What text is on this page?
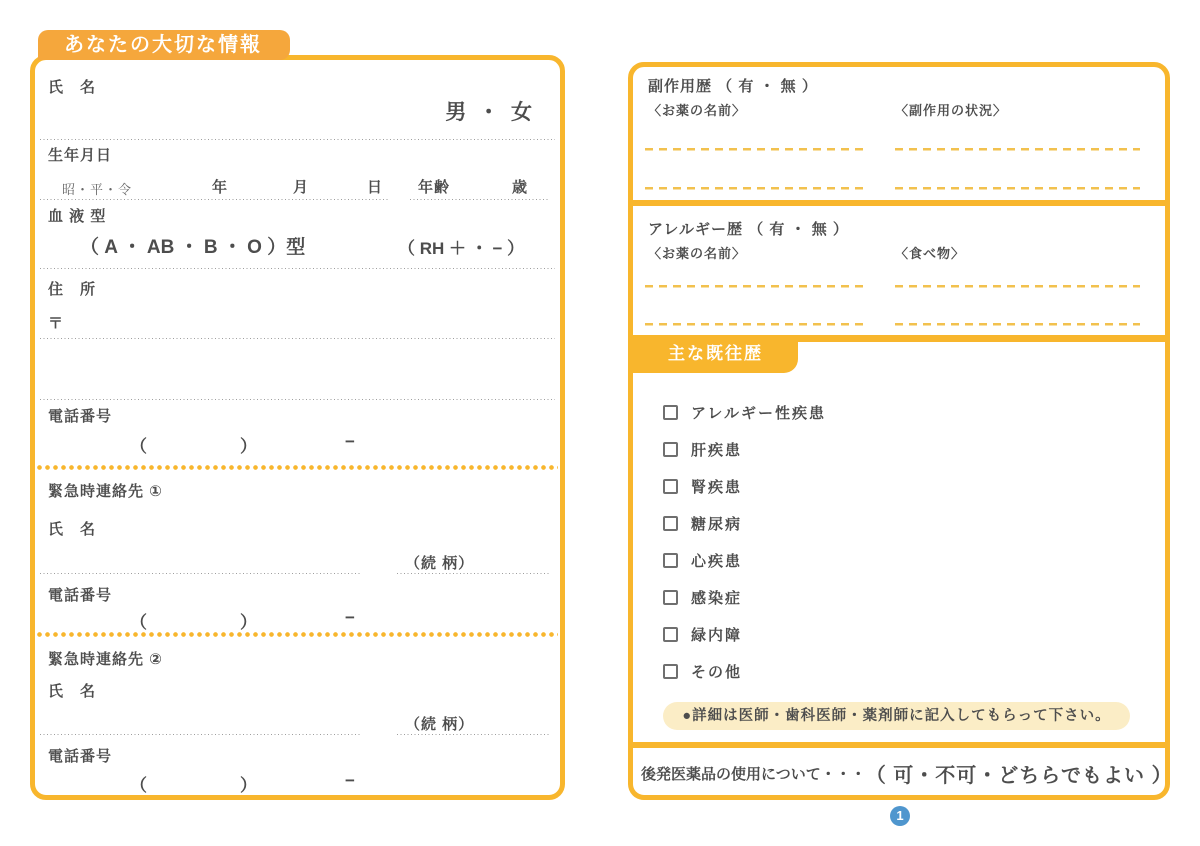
あなたの大切な情報
氏　名
男 ・ 女
生年月日
昭・平・令	年	月	日 年齢	歳
血 液 型
（ A ・ AB ・ B ・ O ）型	（ RH ＋ ・ − ）
住　所
〒
電話番号
（	）	−
緊急時連絡先 ①
氏　名
（続 柄）
電話番号
（	）	−
緊急時連絡先 ②
氏　名
（続 柄）
電話番号
（	）	−
副作用歴 （ 有 ・ 無 ）
〈お薬の名前〉	〈副作用の状況〉
アレルギー歴 （ 有 ・ 無 ）
〈お薬の名前〉	〈食べ物〉
主な既往歴
アレルギー性疾患
肝疾患
腎疾患
糖尿病
心疾患
感染症
緑内障
その他
●詳細は医師・歯科医師・薬剤師に記入してもらって下さい。
後発医薬品の使用について・・・ （ 可・不可・どちらでもよい ）
1
